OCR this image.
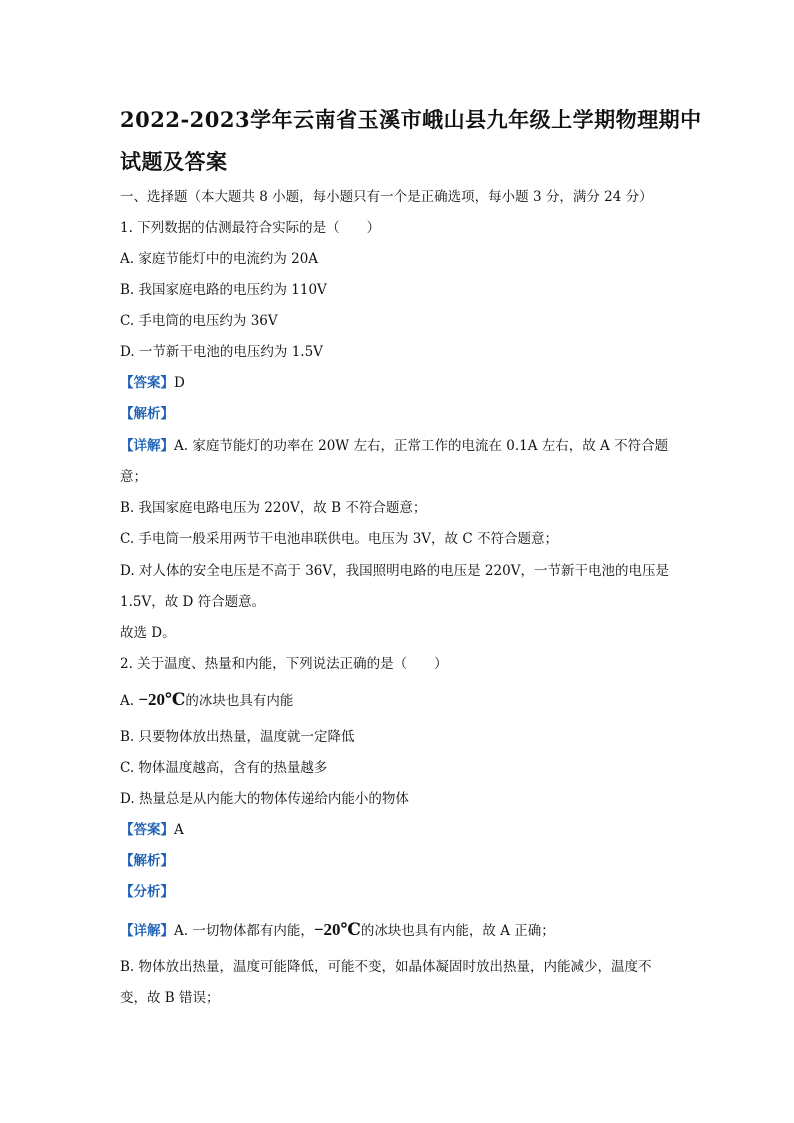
2022-2023学年云南省玉溪市峨山县九年级上学期物理期中
试题及答案
一、选择题（本大题共 8 小题，每小题只有一个是正确选项，每小题 3 分，满分 24 分）
1. 下列数据的估测最符合实际的是（　　）
A. 家庭节能灯中的电流约为 20A
B. 我国家庭电路的电压约为 110V
C. 手电筒的电压约为 36V
D. 一节新干电池的电压约为 1.5V
【答案】D
【解析】
【详解】A. 家庭节能灯的功率在 20W 左右，正常工作的电流在 0.1A 左右，故 A 不符合题
意；
B. 我国家庭电路电压为 220V，故 B 不符合题意；
C. 手电筒一般采用两节干电池串联供电。电压为 3V，故 C 不符合题意；
D. 对人体的安全电压是不高于 36V，我国照明电路的电压是 220V，一节新干电池的电压是
1.5V，故 D 符合题意。
故选 D。
2. 关于温度、热量和内能，下列说法正确的是（　　）
A. −20℃的冰块也具有内能
B. 只要物体放出热量，温度就一定降低
C. 物体温度越高，含有的热量越多
D. 热量总是从内能大的物体传递给内能小的物体
【答案】A
【解析】
【分析】
【详解】A. 一切物体都有内能，−20℃的冰块也具有内能，故 A 正确；
B. 物体放出热量，温度可能降低，可能不变，如晶体凝固时放出热量，内能减少，温度不
变，故 B 错误；
